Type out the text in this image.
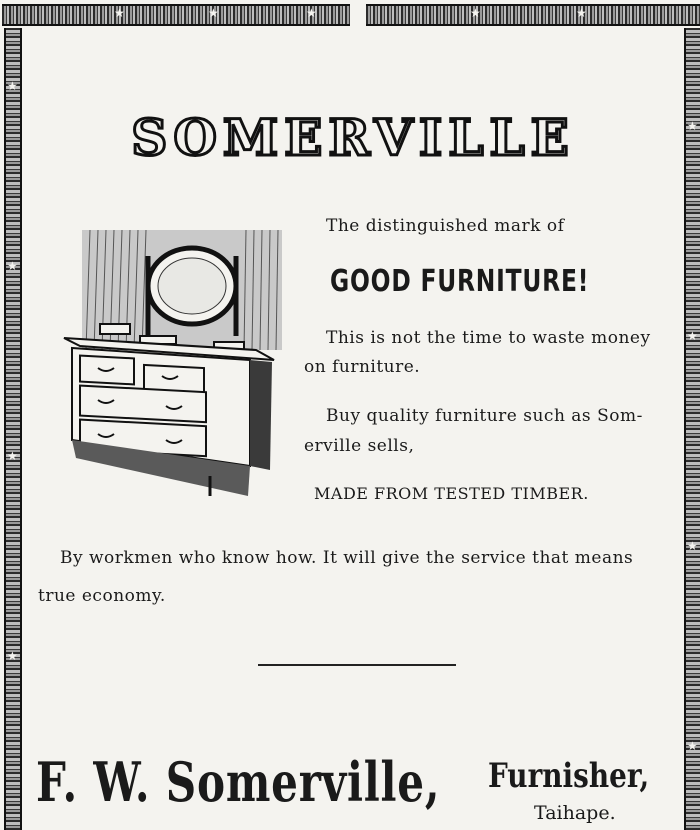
★	★	★	★	★
★
★
★
★
★
★
★
★
SOMERVILLE
The distinguished mark of
GOOD FURNITURE!
This is not the time to waste money
on furniture.
Buy quality furniture such as Som-
erville sells,
MADE FROM TESTED TIMBER.
By workmen who know how. It will give the service that means
true economy.
F. W. Somerville, Furnisher,
Taihape.
